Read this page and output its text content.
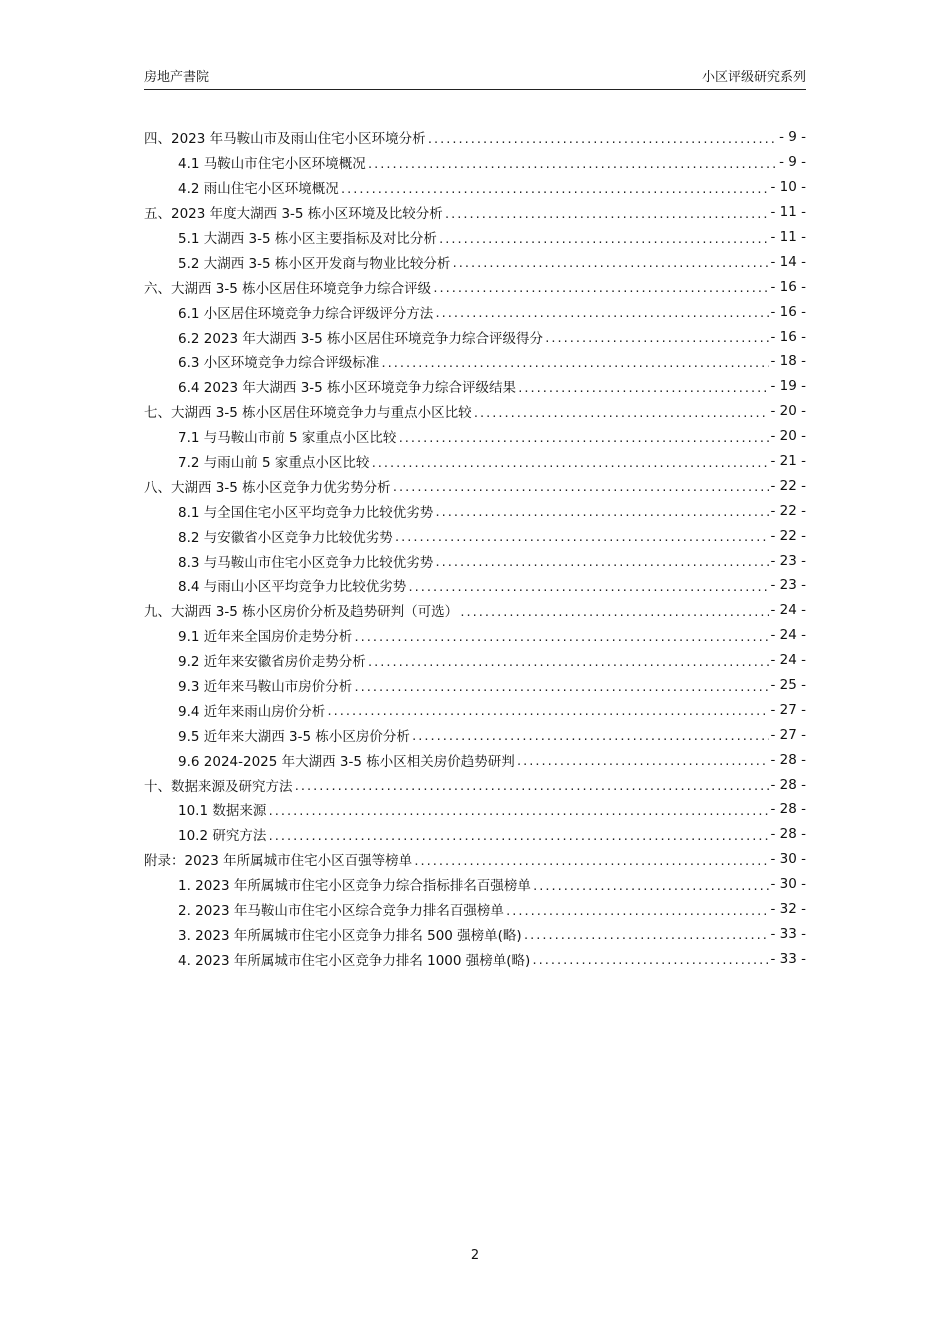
房地产書院	小区评级研究系列
四、2023 年马鞍山市及雨山住宅小区环境分析 .....	- 9 -
4.1 马鞍山市住宅小区环境概况 .....	- 9 -
4.2 雨山住宅小区环境概况 .....	- 10 -
五、2023 年度大湖西 3-5 栋小区环境及比较分析 .....	- 11 -
5.1 大湖西 3-5 栋小区主要指标及对比分析 .....	- 11 -
5.2 大湖西 3-5 栋小区开发商与物业比较分析 .....	- 14 -
六、大湖西 3-5 栋小区居住环境竞争力综合评级 .....	- 16 -
6.1 小区居住环境竞争力综合评级评分方法 .....	- 16 -
6.2 2023 年大湖西 3-5 栋小区居住环境竞争力综合评级得分 .....	- 16 -
6.3 小区环境竞争力综合评级标准 .....	- 18 -
6.4 2023 年大湖西 3-5 栋小区环境竞争力综合评级结果 .....	- 19 -
七、大湖西 3-5 栋小区居住环境竞争力与重点小区比较 .....	- 20 -
7.1 与马鞍山市前 5 家重点小区比较 .....	- 20 -
7.2 与雨山前 5 家重点小区比较 .....	- 21 -
八、大湖西 3-5 栋小区竞争力优劣势分析 .....	- 22 -
8.1 与全国住宅小区平均竞争力比较优劣势 .....	- 22 -
8.2 与安徽省小区竞争力比较优劣势 .....	- 22 -
8.3 与马鞍山市住宅小区竞争力比较优劣势 .....	- 23 -
8.4 与雨山小区平均竞争力比较优劣势 .....	- 23 -
九、大湖西 3-5 栋小区房价分析及趋势研判（可选） .....	- 24 -
9.1 近年来全国房价走势分析 .....	- 24 -
9.2 近年来安徽省房价走势分析 .....	- 24 -
9.3 近年来马鞍山市房价分析 .....	- 25 -
9.4 近年来雨山房价分析 .....	- 27 -
9.5 近年来大湖西 3-5 栋小区房价分析 .....	- 27 -
9.6 2024-2025 年大湖西 3-5 栋小区相关房价趋势研判 .....	- 28 -
十、数据来源及研究方法 .....	- 28 -
10.1 数据来源 .....	- 28 -
10.2 研究方法 .....	- 28 -
附录：2023 年所属城市住宅小区百强等榜单 .....	- 30 -
1. 2023 年所属城市住宅小区竞争力综合指标排名百强榜单 .....	- 30 -
2. 2023 年马鞍山市住宅小区综合竞争力排名百强榜单 .....	- 32 -
3. 2023 年所属城市住宅小区竞争力排名 500 强榜单(略) .....	- 33 -
4. 2023 年所属城市住宅小区竞争力排名 1000 强榜单(略) .....	- 33 -
2
